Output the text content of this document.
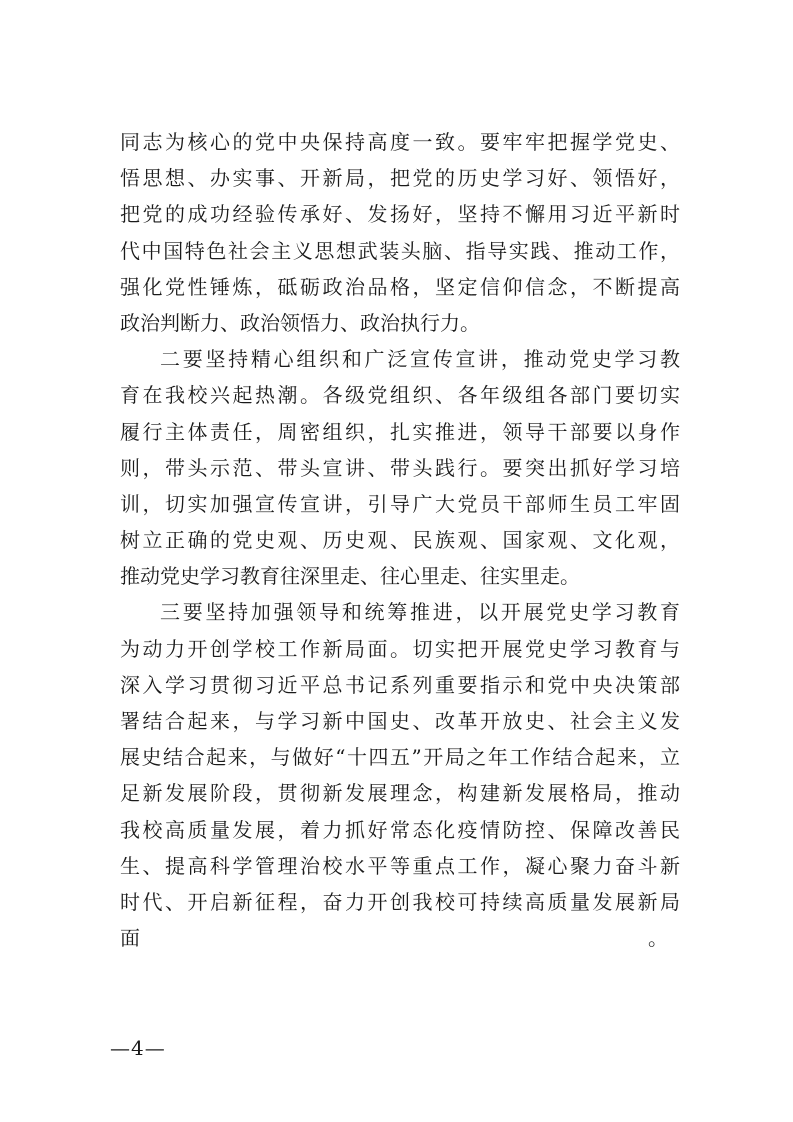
同志为核心的党中央保持高度一致。要牢牢把握学党史、
悟思想、办实事、开新局，把党的历史学习好、领悟好，
把党的成功经验传承好、发扬好，坚持不懈用习近平新时
代中国特色社会主义思想武装头脑、指导实践、推动工作，
强化党性锤炼，砥砺政治品格，坚定信仰信念，不断提高
政治判断力、政治领悟力、政治执行力。
二要坚持精心组织和广泛宣传宣讲，推动党史学习教
育在我校兴起热潮。各级党组织、各年级组各部门要切实
履行主体责任，周密组织，扎实推进，领导干部要以身作
则，带头示范、带头宣讲、带头践行。要突出抓好学习培
训，切实加强宣传宣讲，引导广大党员干部师生员工牢固
树立正确的党史观、历史观、民族观、国家观、文化观，
推动党史学习教育往深里走、往心里走、往实里走。
三要坚持加强领导和统筹推进，以开展党史学习教育
为动力开创学校工作新局面。切实把开展党史学习教育与
深入学习贯彻习近平总书记系列重要指示和党中央决策部
署结合起来，与学习新中国史、改革开放史、社会主义发
展史结合起来，与做好“十四五”开局之年工作结合起来，立
足新发展阶段，贯彻新发展理念，构建新发展格局，推动
我校高质量发展，着力抓好常态化疫情防控、保障改善民
生、提高科学管理治校水平等重点工作，凝心聚力奋斗新
时代、开启新征程，奋力开创我校可持续高质量发展新局
面	。
—4—
